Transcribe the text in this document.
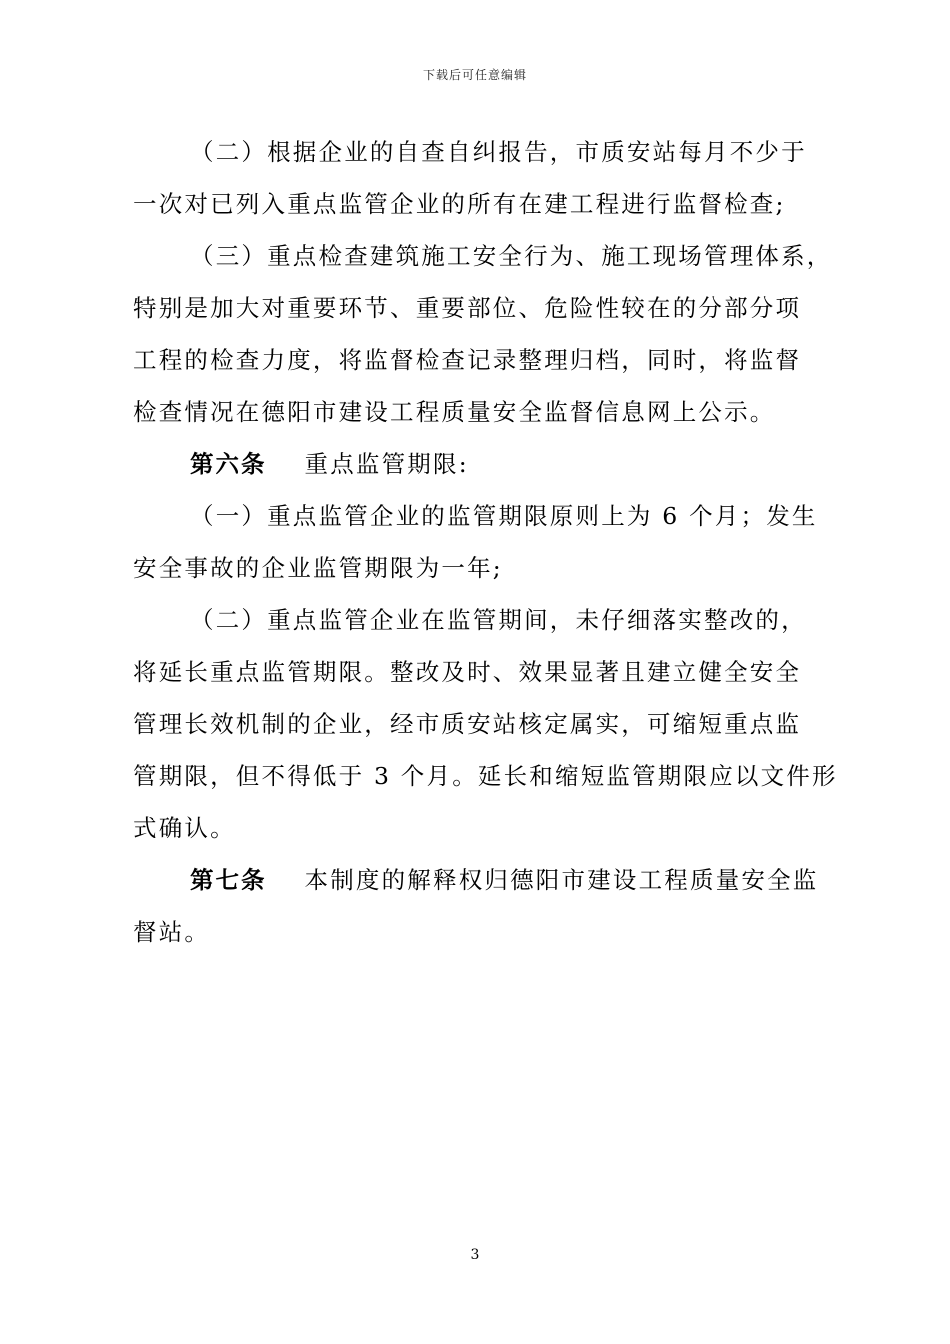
下载后可任意编辑
（二）根据企业的自查自纠报告，市质安站每月不少于
一次对已列入重点监管企业的所有在建工程进行监督检查;
（三）重点检查建筑施工安全行为、施工现场管理体系，
特别是加大对重要环节、重要部位、危险性较在的分部分项
工程的检查力度，将监督检查记录整理归档，同时，将监督
检查情况在德阳市建设工程质量安全监督信息网上公示。
第六条 重点监管期限:
（一）重点监管企业的监管期限原则上为 6 个月；发生
安全事故的企业监管期限为一年;
（二）重点监管企业在监管期间，未仔细落实整改的，
将延长重点监管期限。整改及时、效果显著且建立健全安全
管理长效机制的企业，经市质安站核定属实，可缩短重点监
管期限，但不得低于 3 个月。延长和缩短监管期限应以文件形
式确认。
第七条 本制度的解释权归德阳市建设工程质量安全监
督站。
3
